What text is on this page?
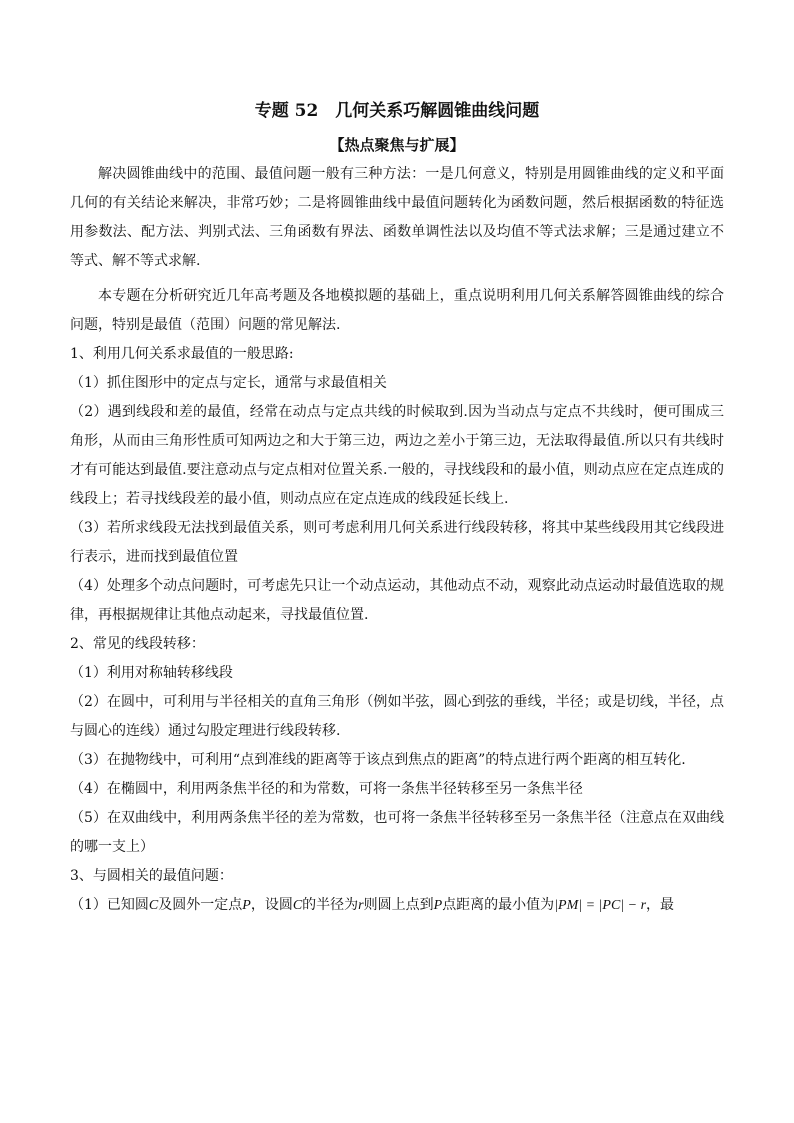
专题 52　几何关系巧解圆锥曲线问题
【热点聚焦与扩展】

解决圆锥曲线中的范围、最值问题一般有三种方法：一是几何意义，特别是用圆锥曲线的定义和平面几何的有关结论来解决，非常巧妙；二是将圆锥曲线中最值问题转化为函数问题，然后根据函数的特征选用参数法、配方法、判别式法、三角函数有界法、函数单调性法以及均值不等式法求解；三是通过建立不等式、解不等式求解.

本专题在分析研究近几年高考题及各地模拟题的基础上，重点说明利用几何关系解答圆锥曲线的综合问题，特别是最值（范围）问题的常见解法.

1、利用几何关系求最值的一般思路:

（1）抓住图形中的定点与定长，通常与求最值相关

（2）遇到线段和差的最值，经常在动点与定点共线的时候取到.因为当动点与定点不共线时，便可围成三角形，从而由三角形性质可知两边之和大于第三边，两边之差小于第三边，无法取得最值.所以只有共线时才有可能达到最值.要注意动点与定点相对位置关系.一般的，寻找线段和的最小值，则动点应在定点连成的线段上；若寻找线段差的最小值，则动点应在定点连成的线段延长线上.

（3）若所求线段无法找到最值关系，则可考虑利用几何关系进行线段转移，将其中某些线段用其它线段进行表示，进而找到最值位置

（4）处理多个动点问题时，可考虑先只让一个动点运动，其他动点不动，观察此动点运动时最值选取的规律，再根据规律让其他点动起来，寻找最值位置.

2、常见的线段转移：

（1）利用对称轴转移线段

（2）在圆中，可利用与半径相关的直角三角形（例如半弦，圆心到弦的垂线，半径；或是切线，半径，点与圆心的连线）通过勾股定理进行线段转移.

（3）在抛物线中，可利用“点到准线的距离等于该点到焦点的距离”的特点进行两个距离的相互转化.

（4）在椭圆中，利用两条焦半径的和为常数，可将一条焦半径转移至另一条焦半径

（5）在双曲线中，利用两条焦半径的差为常数，也可将一条焦半径转移至另一条焦半径（注意点在双曲线的哪一支上）

3、与圆相关的最值问题：

（1）已知圆C及圆外一定点P，设圆C的半径为r则圆上点到P点距离的最小值为|PM| = |PC| − r，最
